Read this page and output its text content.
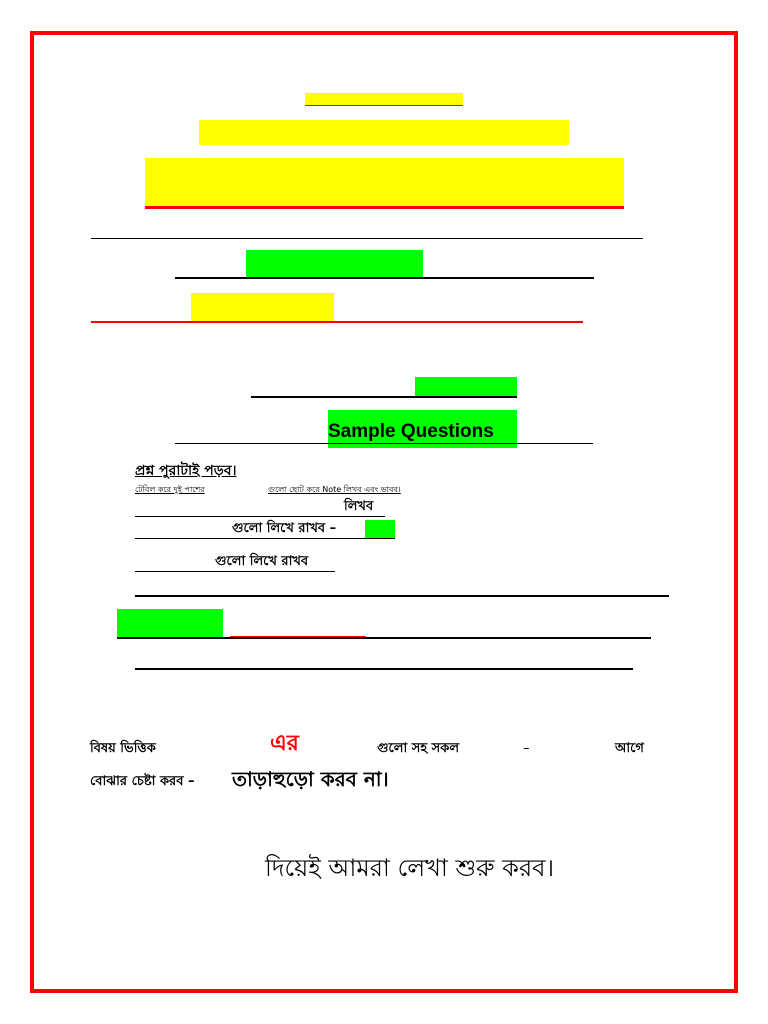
Sample Questions
প্রশ্ন পুরাটাই পড়ব।
টেবিল করে দুই পাশের	গুলো ছোট করে Note লিখব এবং ভাবব।
লিখব
গুলো লিখে রাখব –
গুলো লিখে রাখব
বিষয় ভিত্তিক	এর	গুলো সহ সকল	–	আগে
বোঝার চেষ্টা করব – তাড়াহুড়ো করব না।
দিয়েই আমরা লেখা শুরু করব।
